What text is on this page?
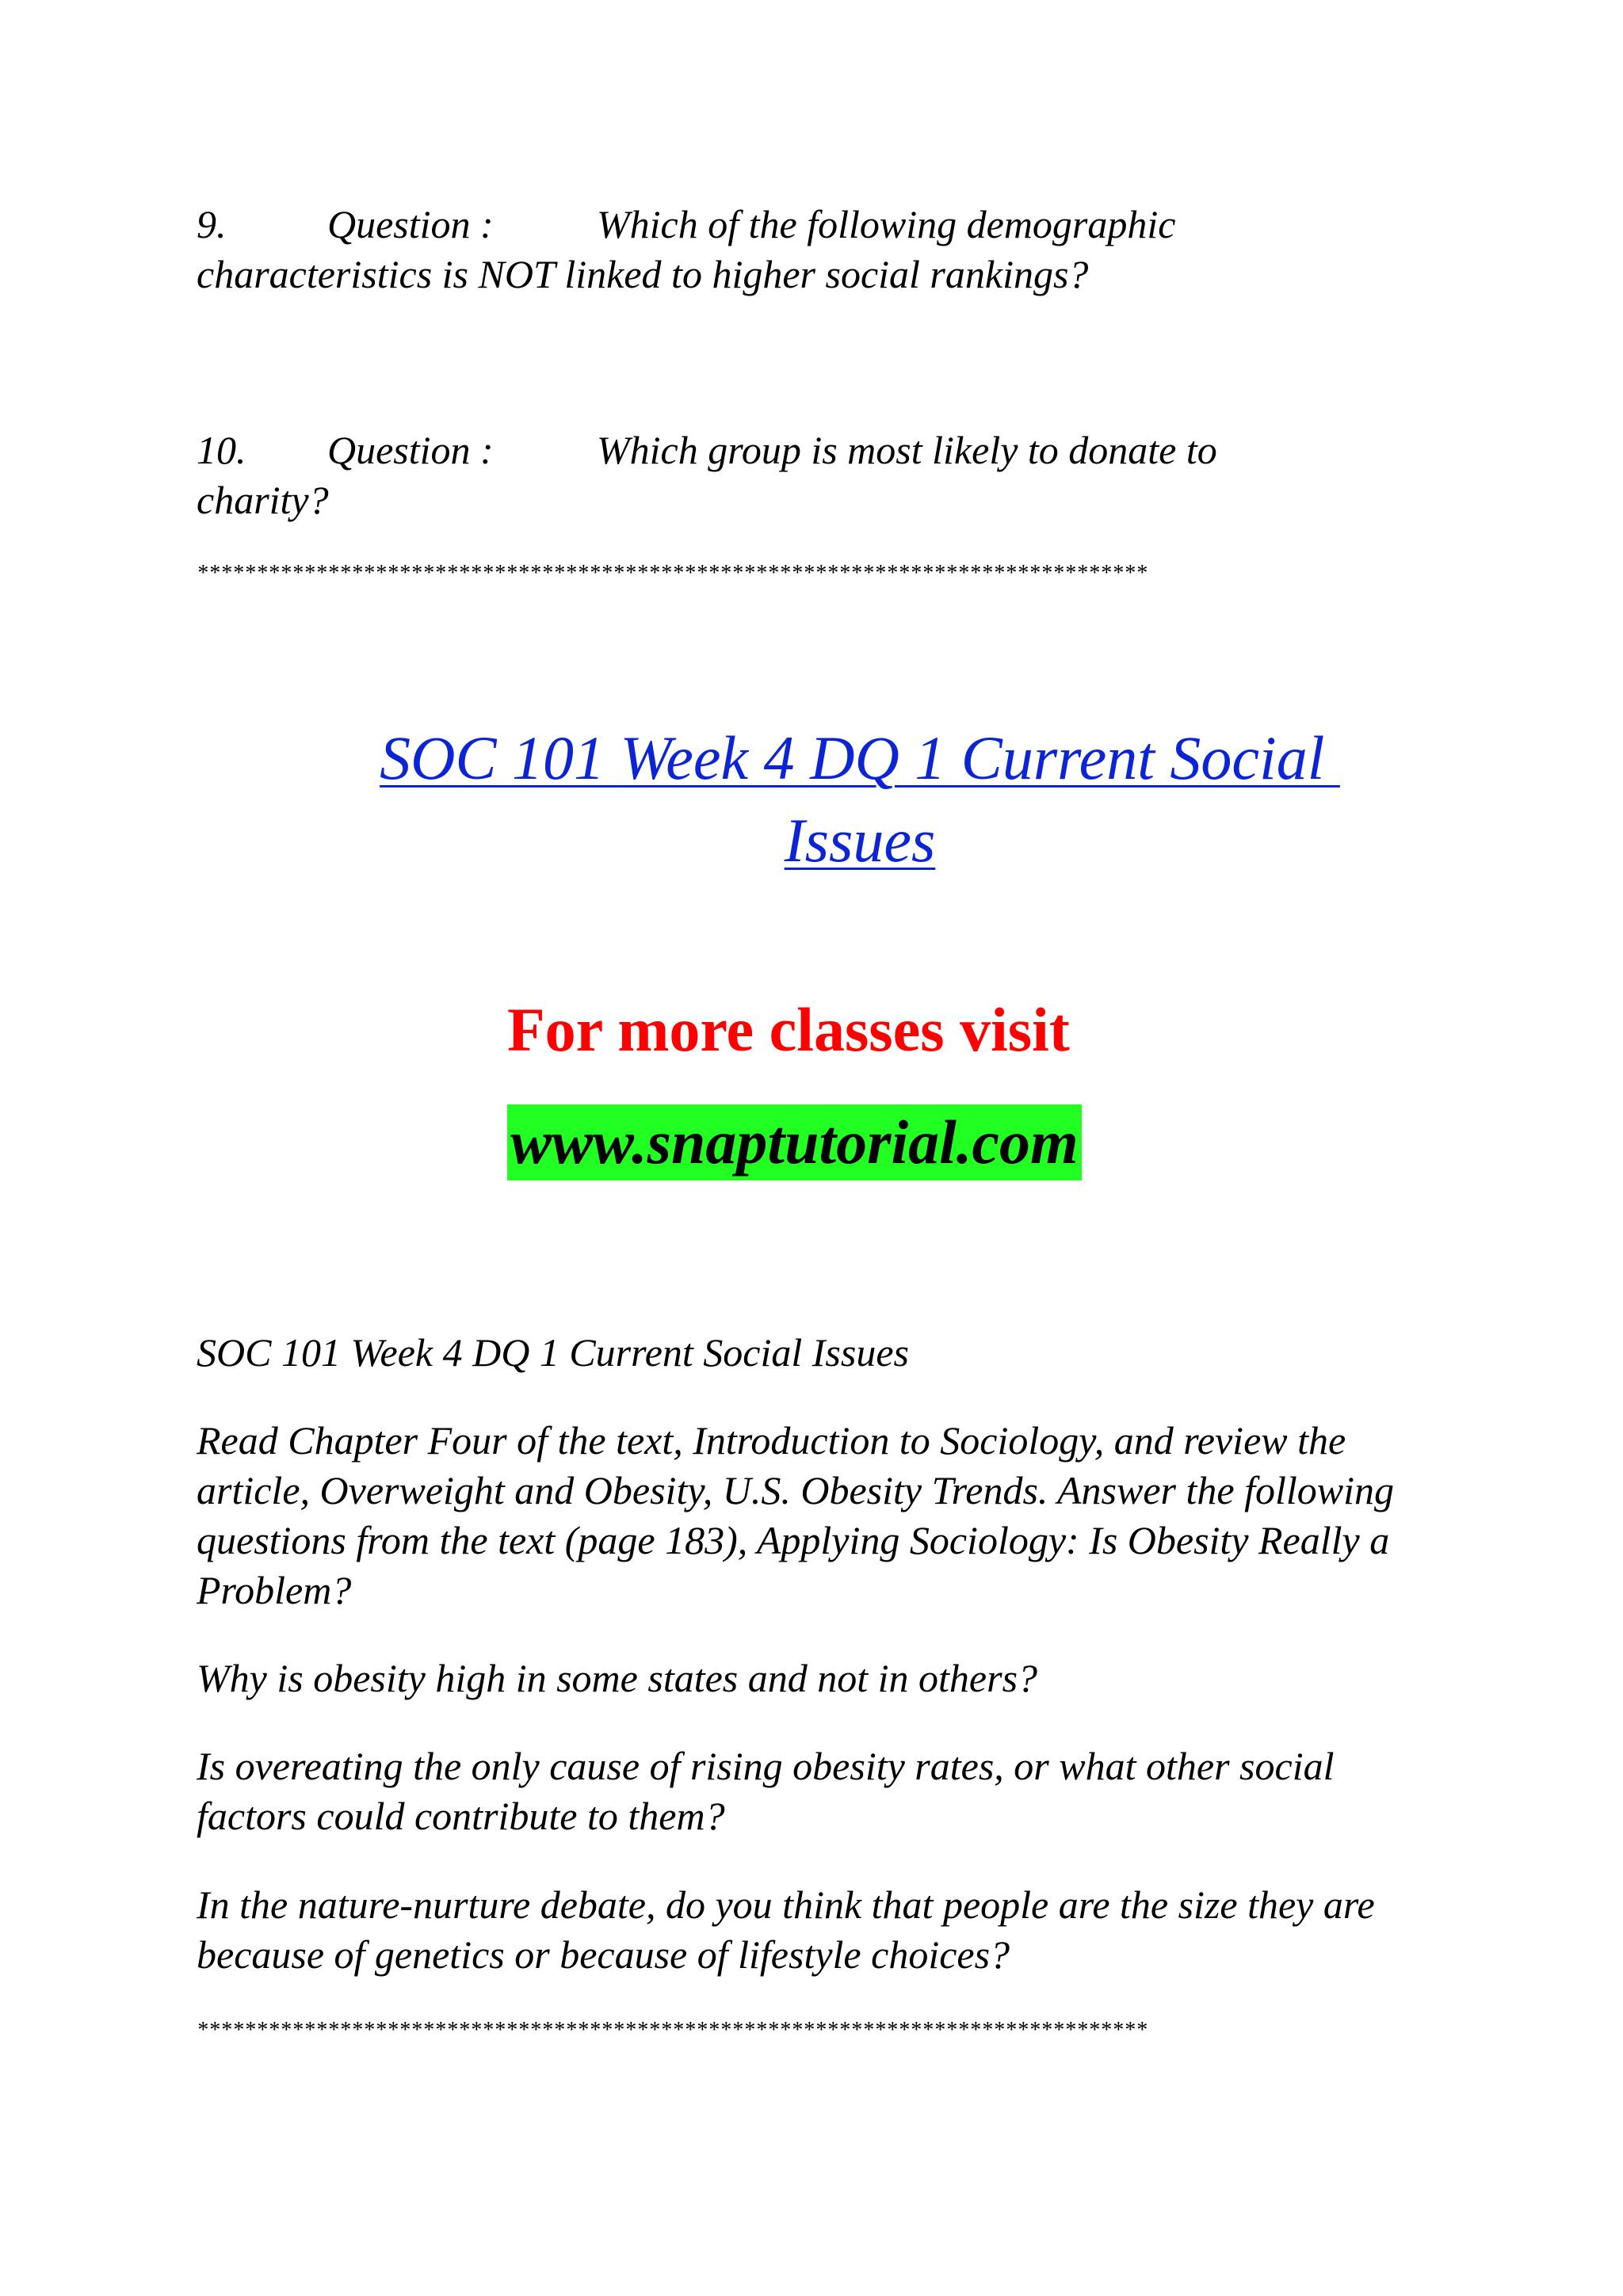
9.	Question :	Which of the following demographic
characteristics is NOT linked to higher social rankings?
10. Question :	Which group is most likely to donate to
charity?
********************************************************************************
SOC 101 Week 4 DQ 1 Current Social
Issues
For more classes visit
www.snaptutorial.com

SOC 101 Week 4 DQ 1 Current Social Issues

Read Chapter Four of the text, Introduction to Sociology, and review the article, Overweight and Obesity, U.S. Obesity Trends. Answer the following questions from the text (page 183), Applying Sociology: Is Obesity Really a Problem?

Why is obesity high in some states and not in others?

Is overeating the only cause of rising obesity rates, or what other social factors could contribute to them?

In the nature-nurture debate, do you think that people are the size they are because of genetics or because of lifestyle choices?

********************************************************************************
